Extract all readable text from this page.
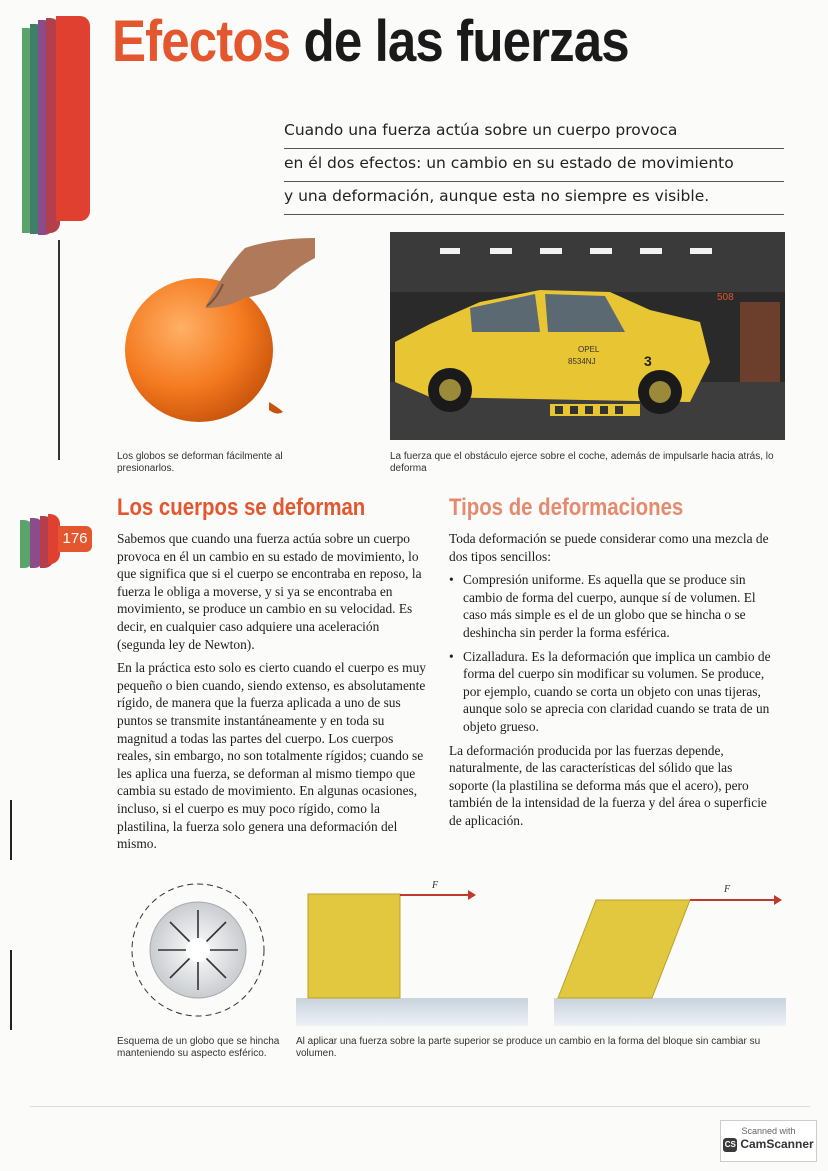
Efectos de las fuerzas
Cuando una fuerza actúa sobre un cuerpo provoca
en él dos efectos: un cambio en su estado de movimiento
y una deformación, aunque esta no siempre es visible.
Los globos se deforman fácilmente al presionarlos.
OPEL
8534NJ	3
508
La fuerza que el obstáculo ejerce sobre el coche, además de impulsarle hacia atrás, lo deforma
176
Los cuerpos se deforman

Sabemos que cuando una fuerza actúa sobre un cuerpo provoca en él un cambio en su estado de movimiento, lo que significa que si el cuerpo se encontraba en reposo, la fuerza le obliga a moverse, y si ya se encontraba en movimiento, se produce un cambio en su velocidad. Es decir, en cualquier caso adquiere una aceleración (segunda ley de Newton).

En la práctica esto solo es cierto cuando el cuerpo es muy pequeño o bien cuando, siendo extenso, es absolutamente rígido, de manera que la fuerza aplicada a uno de sus puntos se transmite instantáneamente y en toda su magnitud a todas las partes del cuerpo. Los cuerpos reales, sin embargo, no son totalmente rígidos; cuando se les aplica una fuerza, se deforman al mismo tiempo que cambia su estado de movimiento. En algunas ocasiones, incluso, si el cuerpo es muy poco rígido, como la plastilina, la fuerza solo genera una deformación del mismo.

Tipos de deformaciones

Toda deformación se puede considerar como una mezcla de dos tipos sencillos:

• Compresión uniforme. Es aquella que se produce sin cambio de forma del cuerpo, aunque sí de volumen. El caso más simple es el de un globo que se hincha o se deshincha sin perder la forma esférica.
• Cizalladura. Es la deformación que implica un cambio de forma del cuerpo sin modificar su volumen. Se produce, por ejemplo, cuando se corta un objeto con unas tijeras, aunque solo se aprecia con claridad cuando se trata de un objeto grueso.

La deformación producida por las fuerzas depende, naturalmente, de las características del sólido que las soporte (la plastilina se deforma más que el acero), pero también de la intensidad de la fuerza y del área o superficie de aplicación.

Esquema de un globo que se hincha manteniendo su aspecto esférico.
F	F
Al aplicar una fuerza sobre la parte superior se produce un cambio en la forma del bloque sin cambiar su volumen.
Scanned with
CS CamScanner
